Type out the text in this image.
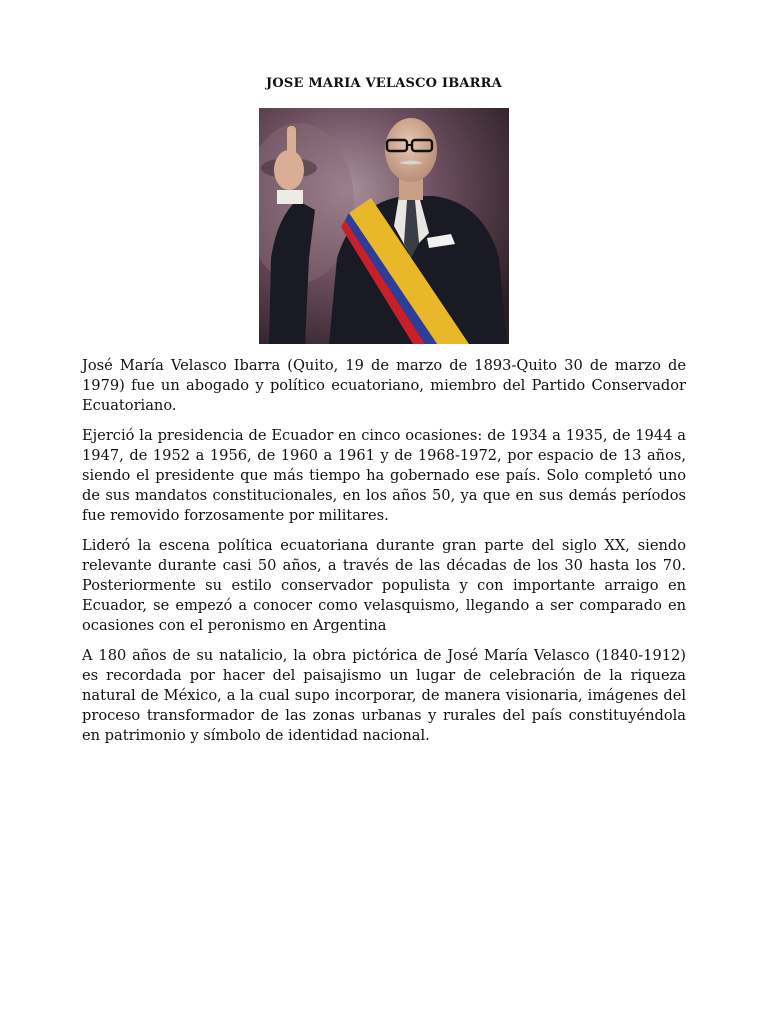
JOSE MARIA VELASCO IBARRA

José María Velasco Ibarra (Quito, 19 de marzo de 1893-Quito 30 de marzo de 1979) fue un abogado y político ecuatoriano, miembro del Partido Conservador Ecuatoriano.

Ejerció la presidencia de Ecuador en cinco ocasiones: de 1934 a 1935, de 1944 a 1947, de 1952 a 1956, de 1960 a 1961 y de 1968-1972, por espacio de 13 años, siendo el presidente que más tiempo ha gobernado ese país. Solo completó uno de sus mandatos constitucionales, en los años 50, ya que en sus demás períodos fue removido forzosamente por militares.

Lideró la escena política ecuatoriana durante gran parte del siglo XX, siendo relevante durante casi 50 años, a través de las décadas de los 30 hasta los 70. Posteriormente su estilo conservador populista y con importante arraigo en Ecuador, se empezó a conocer como velasquismo, llegando a ser comparado en ocasiones con el peronismo en Argentina

A 180 años de su natalicio, la obra pictórica de José María Velasco (1840-1912) es recordada por hacer del paisajismo un lugar de celebración de la riqueza natural de México, a la cual supo incorporar, de manera visionaria, imágenes del proceso transformador de las zonas urbanas y rurales del país constituyéndola en patrimonio y símbolo de identidad nacional.
